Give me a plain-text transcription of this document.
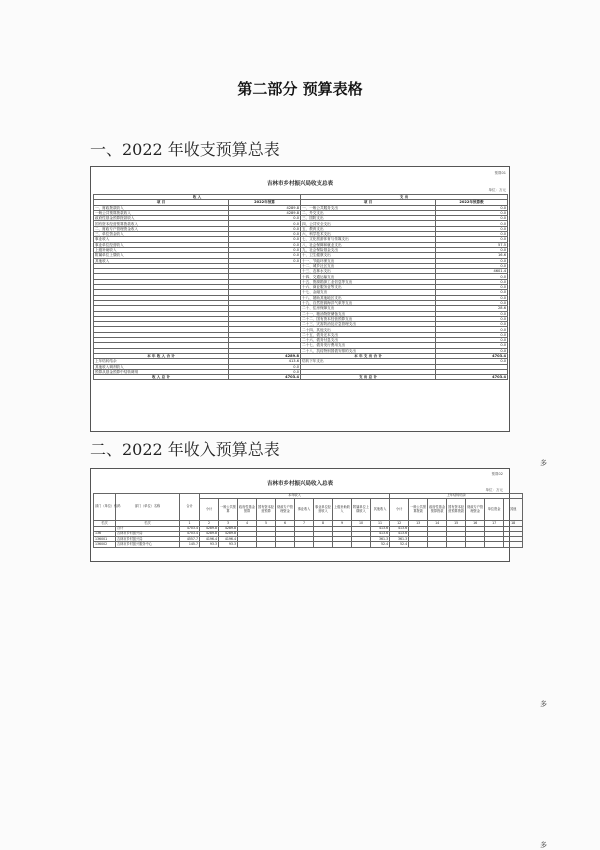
第二部分 预算表格
一、2022 年收支预算总表
预算01
吉林市乡村振兴局收支总表
单位：万元
收 入		支 出	
项 目	2022年预算	项 目	2022年预算数
一、财政拨款收入	4289.8	一、一般公共服务支出	0.0
一般公共预算拨款收入	4289.8	二、外交支出	0.0
政府性基金预算拨款收入	0.0	三、国防支出	0.0
国有资本经营预算拨款收入	0.0	四、公共安全支出	0.0
二、财政专户管理资金收入	0.0	五、教育支出	0.0
三、单位资金收入	0.0	六、科学技术支出	0.0
事业收入	0.0	七、文化旅游体育与传媒支出	0.0
事业单位经营收入	0.0	八、社会保障和就业支出	57.5
上级补助收入	0.0	九、社会保险基金支出	0.0
附属单位上缴收入	0.0	十、卫生健康支出	16.6
其他收入	0.0	十一、节能环保支出	0.0
		十二、城乡社区支出	0.0
		十三、农林水支出	4601.4
		十四、交通运输支出	0.0
		十五、资源勘探工业信息等支出	0.0
		十六、商业服务业等支出	0.0
		十七、金融支出	0.0
		十八、援助其他地区支出	0.0
		十九、自然资源海洋气象等支出	0.0
		二十、住房保障支出	28.6
		二十一、粮油物资储备支出	0.0
		二十二、国有资本经营预算支出	0.0
		二十三、灾害防治及应急管理支出	0.0
		二十四、其他支出	0.0
		二十五、债务还本支出	0.0
		二十六、债务付息支出	0.0
		二十七、债务发行费用支出	0.0
		二十八、抗疫特别国债安排的支出	0.0
本 年 收 入 合 计	4289.8	本 年 支 出 合 计	4703.4
上年结转结余	413.6	结转下年支出	0.0
其他收入调剂收入	0.0		
预算从基金预算中结转调剂	0.0		
收 入 总 计	4703.4	支 出 总 计	4703.4
二、2022 年收入预算总表
预算02
吉林市乡村振兴局收入总表
单位：万元
部门（单位）代码	部门（单位）名称	合计	本年收入										上年结转结余						
			小计	一般公共预算	政府性基金预算	国有资本经营预算	财政专户管理资金	事业收入	事业单位经营收入	上级补助收入	附属单位上缴收入	其他收入	小计	一般公共预算拨款	政府性基金预算拨款	国有资本经营预算拨款	财政专户管理资金	单位资金	其他
栏次	栏次	1	2	3	4	5	6	7	8	9	10	11	12	13	14	15	16	17	18
	合计	4703.4	4289.8	4289.8								413.6	413.6						
136	吉林市乡村振兴局	4703.4	4289.8	4289.8								413.6	413.6						
136001	吉林市乡村振兴局	4557.7	4196.4	4196.4								361.3	361.3						
136002	吉林市乡村振兴服务中心	145.7	93.3	93.3								52.4	52.4						
多
多
多
